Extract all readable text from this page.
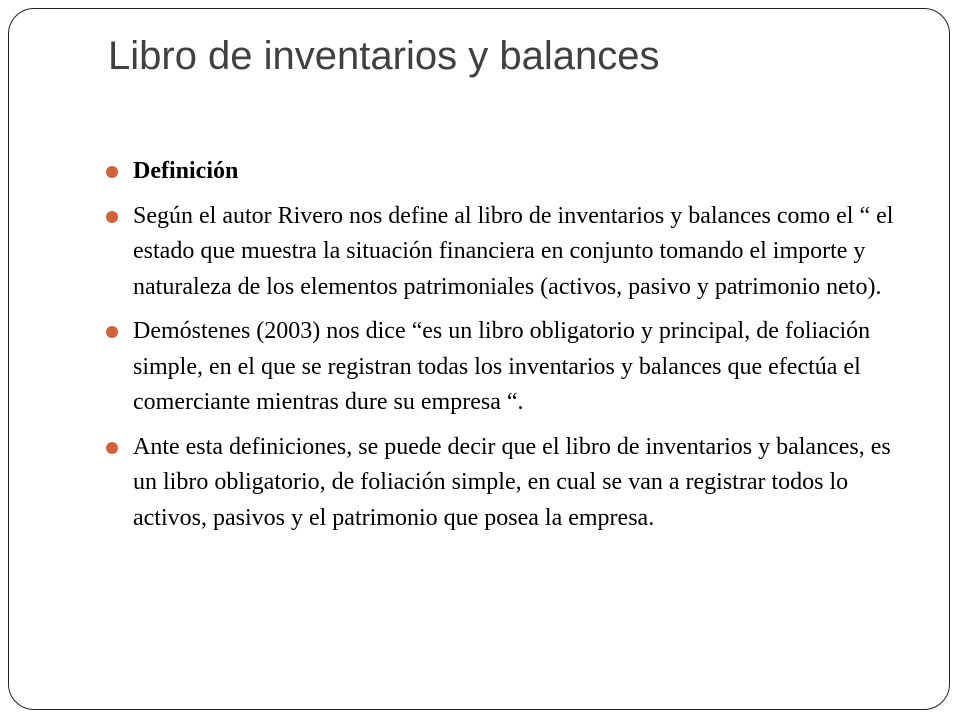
Libro de inventarios y balances
Definición
Según el autor Rivero nos define al libro de inventarios y balances como el “ el estado que muestra la situación financiera en conjunto tomando el importe y naturaleza de los elementos patrimoniales (activos, pasivo y patrimonio neto).
Demóstenes (2003) nos dice “es un libro obligatorio y principal, de foliación simple, en el que se registran todas los inventarios y balances que efectúa el comerciante mientras dure su empresa “.
Ante esta definiciones, se puede decir que el libro de inventarios y balances, es un libro obligatorio, de foliación simple, en cual se van a registrar todos lo activos, pasivos y el patrimonio que posea la empresa.
